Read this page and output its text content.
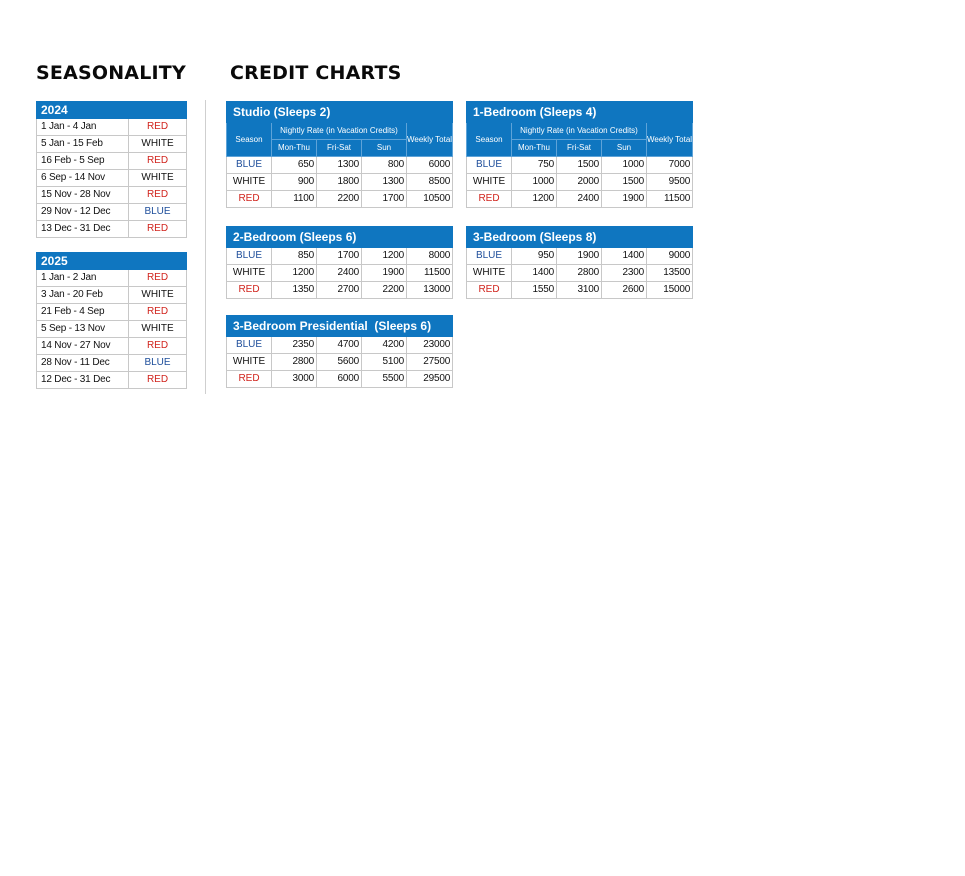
SEASONALITY CREDIT CHARTS
2024	
1 Jan - 4 Jan	RED
5 Jan - 15 Feb	WHITE
16 Feb - 5 Sep	RED
6 Sep - 14 Nov	WHITE
15 Nov - 28 Nov	RED
29 Nov - 12 Dec	BLUE
13 Dec - 31 Dec	RED
2025	
1 Jan - 2 Jan	RED
3 Jan - 20 Feb	WHITE
21 Feb - 4 Sep	RED
5 Sep - 13 Nov	WHITE
14 Nov - 27 Nov	RED
28 Nov - 11 Dec	BLUE
12 Dec - 31 Dec	RED
Studio (Sleeps 2)				
Season	Nightly Rate (in Vacation Credits)			Weekly Total
	Mon-Thu	Fri-Sat	Sun	
BLUE	650	1300	800	6000
WHITE	900	1800	1300	8500
RED	1100	2200	1700	10500
1-Bedroom (Sleeps 4)				
Season	Nightly Rate (in Vacation Credits)			Weekly Total
	Mon-Thu	Fri-Sat	Sun	
BLUE	750	1500	1000	7000
WHITE	1000	2000	1500	9500
RED	1200	2400	1900	11500
2-Bedroom (Sleeps 6)				
BLUE	850	1700	1200	8000
WHITE	1200	2400	1900	11500
RED	1350	2700	2200	13000
3-Bedroom (Sleeps 8)				
BLUE	950	1900	1400	9000
WHITE	1400	2800	2300	13500
RED	1550	3100	2600	15000
3-Bedroom Presidential  (Sleeps 6)				
BLUE	2350	4700	4200	23000
WHITE	2800	5600	5100	27500
RED	3000	6000	5500	29500
